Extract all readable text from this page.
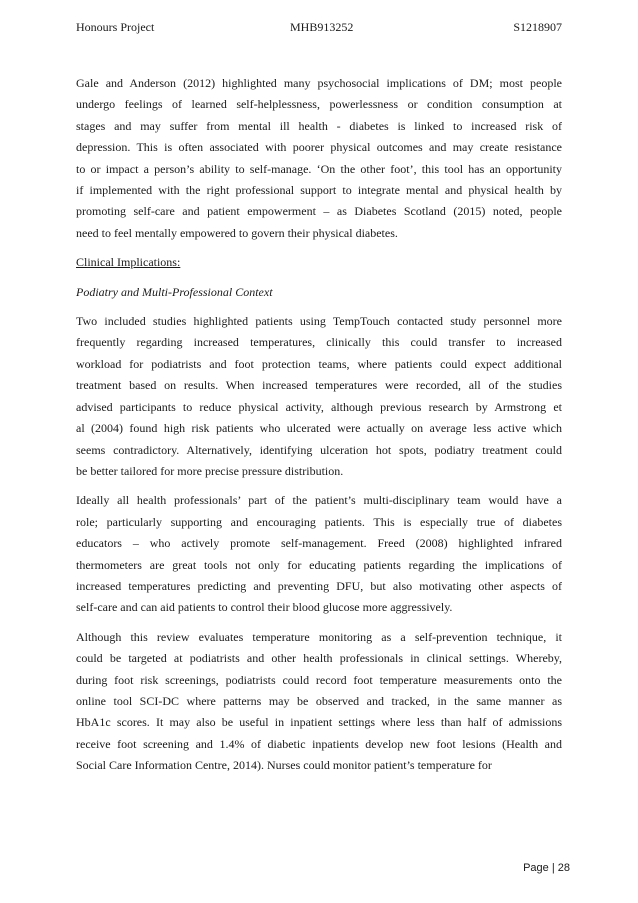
Honours Project	MHB913252	S1218907
Gale and Anderson (2012) highlighted many psychosocial implications of DM; most people
undergo feelings of learned self-helplessness, powerlessness or condition consumption at
stages and may suffer from mental ill health - diabetes is linked to increased risk of
depression. This is often associated with poorer physical outcomes and may create resistance
to or impact a person’s ability to self-manage. ‘On the other foot’, this tool has an opportunity
if implemented with the right professional support to integrate mental and physical health by
promoting self-care and patient empowerment – as Diabetes Scotland (2015) noted, people
need to feel mentally empowered to govern their physical diabetes.
Clinical Implications:
Podiatry and Multi-Professional Context
Two included studies highlighted patients using TempTouch contacted study personnel more
frequently regarding increased temperatures, clinically this could transfer to increased
workload for podiatrists and foot protection teams, where patients could expect additional
treatment based on results. When increased temperatures were recorded, all of the studies
advised participants to reduce physical activity, although previous research by Armstrong et
al (2004) found high risk patients who ulcerated were actually on average less active which
seems contradictory. Alternatively, identifying ulceration hot spots, podiatry treatment could
be better tailored for more precise pressure distribution.
Ideally all health professionals’ part of the patient’s multi-disciplinary team would have a
role; particularly supporting and encouraging patients. This is especially true of diabetes
educators – who actively promote self-management. Freed (2008) highlighted infrared
thermometers are great tools not only for educating patients regarding the implications of
increased temperatures predicting and preventing DFU, but also motivating other aspects of
self-care and can aid patients to control their blood glucose more aggressively.
Although this review evaluates temperature monitoring as a self-prevention technique, it
could be targeted at podiatrists and other health professionals in clinical settings. Whereby,
during foot risk screenings, podiatrists could record foot temperature measurements onto the
online tool SCI-DC where patterns may be observed and tracked, in the same manner as
HbA1c scores. It may also be useful in inpatient settings where less than half of admissions
receive foot screening and 1.4% of diabetic inpatients develop new foot lesions (Health and
Social Care Information Centre, 2014). Nurses could monitor patient’s temperature for
Page | 28
